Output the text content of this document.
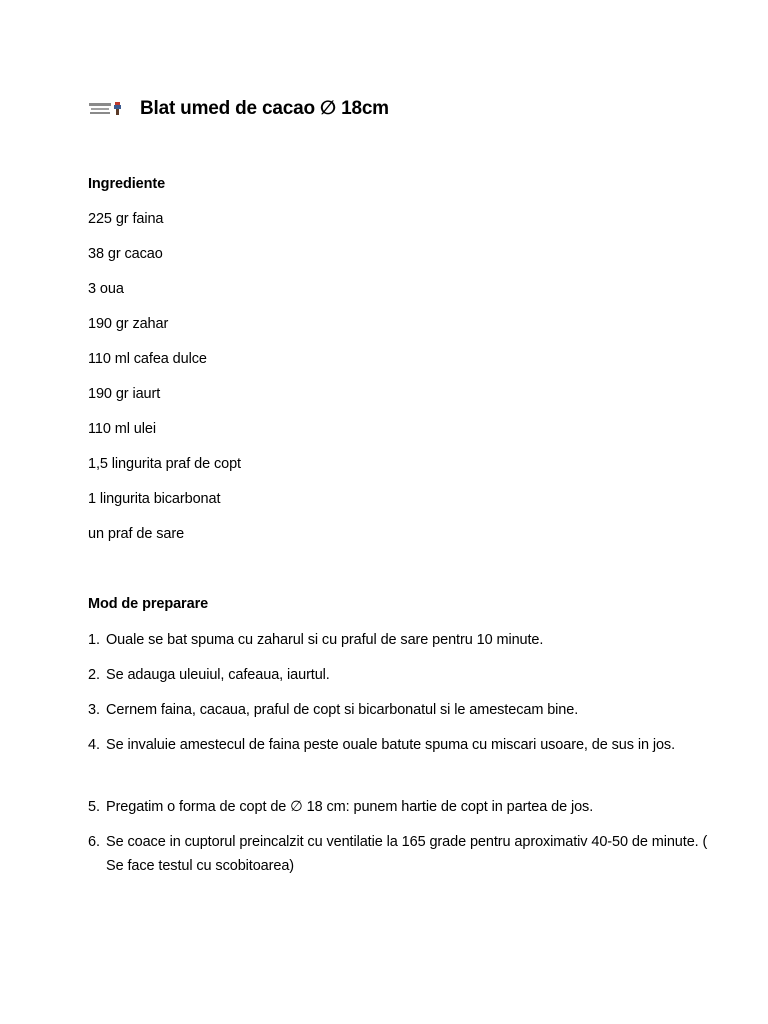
Blat umed de cacao ∅ 18cm
Ingrediente
225 gr faina
38 gr cacao
3 oua
190 gr zahar
110 ml cafea dulce
190 gr iaurt
110 ml ulei
1,5 lingurita praf de copt
1 lingurita bicarbonat
un praf de sare
Mod de preparare
1. Ouale se bat spuma cu zaharul si cu praful de sare pentru 10 minute.
2. Se adauga uleuiul, cafeaua, iaurtul.
3. Cernem faina, cacaua, praful de copt si bicarbonatul si le amestecam bine.
4. Se invaluie amestecul de faina peste ouale batute spuma cu miscari usoare, de sus in jos.
5. Pregatim o forma de copt de ∅ 18 cm: punem hartie de copt in partea de jos.
6. Se coace in cuptorul preincalzit cu ventilatie la 165 grade pentru aproximativ 40-50 de minute. ( Se face testul cu scobitoarea)
